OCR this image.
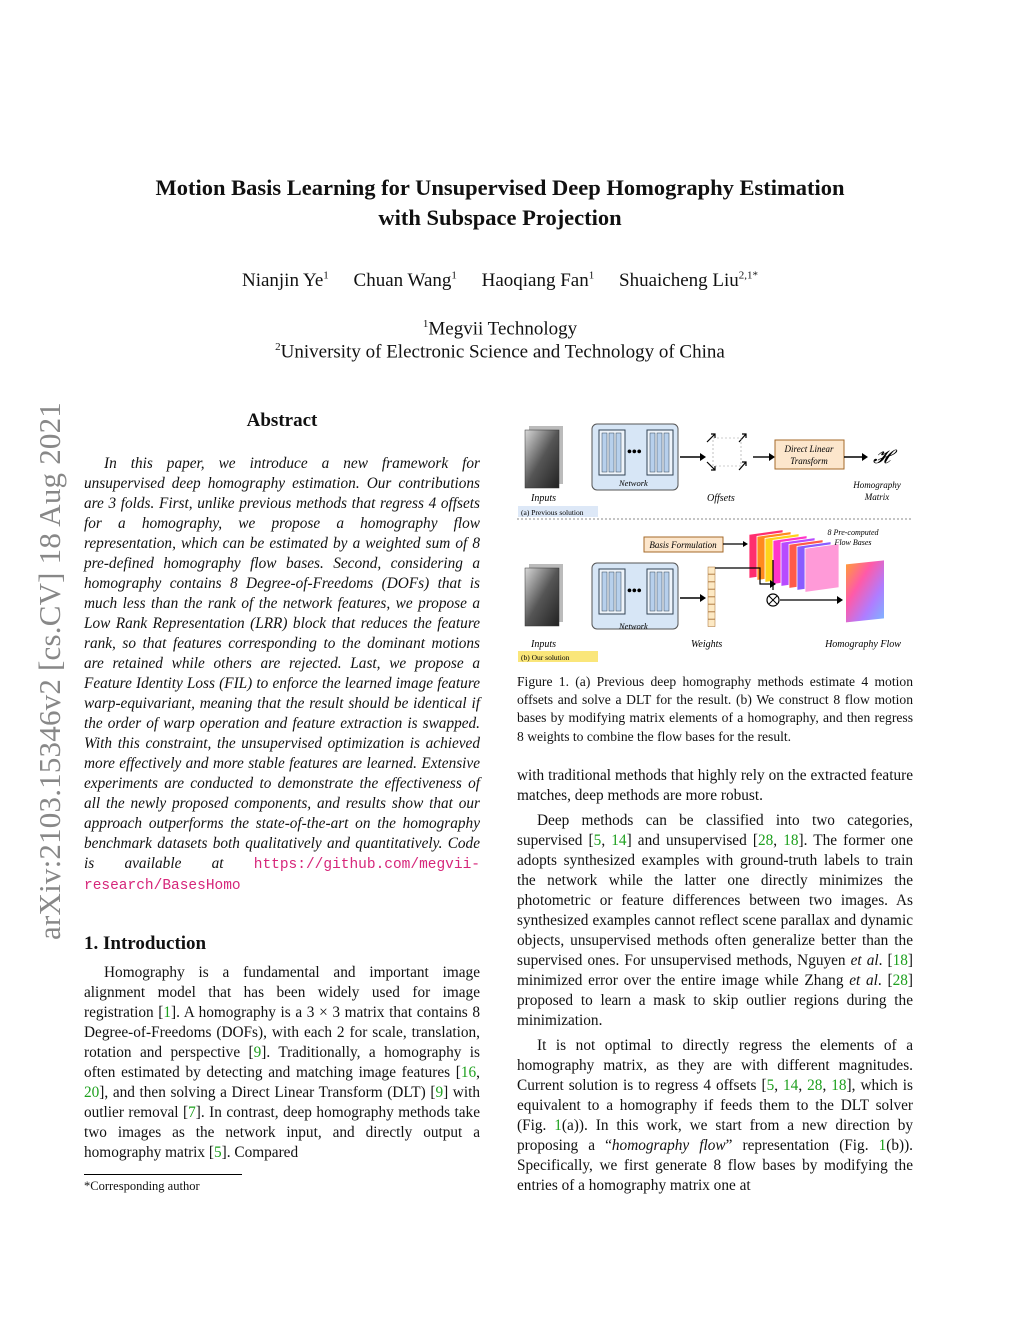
arXiv:2103.15346v2 [cs.CV] 18 Aug 2021
Motion Basis Learning for Unsupervised Deep Homography Estimation
with Subspace Projection
Nianjin Ye$^1$ Chuan Wang$^1$ Haoqiang Fan$^1$ Shuaicheng Liu$^{2,1*}$
$^1$Megvii Technology
$^2$University of Electronic Science and Technology of China
Abstract
In this paper, we introduce a new framework for unsupervised deep homography estimation. Our contributions are 3 folds. First, unlike previous methods that regress 4 offsets for a homography, we propose a homography flow representation, which can be estimated by a weighted sum of 8 pre-defined homography flow bases. Second, considering a homography contains 8 Degree-of-Freedoms (DOFs) that is much less than the rank of the network features, we propose a Low Rank Representation (LRR) block that reduces the feature rank, so that features corresponding to the dominant motions are retained while others are rejected. Last, we propose a Feature Identity Loss (FIL) to enforce the learned image feature warp-equivariant, meaning that the result should be identical if the order of warp operation and feature extraction is swapped. With this constraint, the unsupervised optimization is achieved more effectively and more stable features are learned. Extensive experiments are conducted to demonstrate the effectiveness of all the newly proposed components, and results show that our approach outperforms the state-of-the-art on the homography benchmark datasets both qualitatively and quantitatively. Code is available at https://github.com/megvii-research/BasesHomo
1. Introduction
Homography is a fundamental and important image alignment model that has been widely used for image registration [1]. A homography is a 3 × 3 matrix that contains 8 Degree-of-Freedoms (DOFs), with each 2 for scale, translation, rotation and perspective [9]. Traditionally, a homography is often estimated by detecting and matching image features [16, 20], and then solving a Direct Linear Transform (DLT) [9] with outlier removal [7]. In contrast, deep homography methods take two images as the network input, and directly output a homography matrix [5]. Compared
*Corresponding author
Inputs
(a) Previous solution
•••
Network
Offsets
Direct Linear
Transform 𝓗
Homography
Matrix
Basis Formulation
8 Pre-computed
Flow Bases
Inputs
(b) Our solution
•••
Network
Weights	Homography Flow
Figure 1. (a) Previous deep homography methods estimate 4 motion offsets and solve a DLT for the result. (b) We construct 8 flow motion bases by modifying matrix elements of a homography, and then regress 8 weights to combine the flow bases for the result.

with traditional methods that highly rely on the extracted feature matches, deep methods are more robust.

Deep methods can be classified into two categories, supervised [5, 14] and unsupervised [28, 18]. The former one adopts synthesized examples with ground-truth labels to train the network while the latter one directly minimizes the photometric or feature differences between two images. As synthesized examples cannot reflect scene parallax and dynamic objects, unsupervised methods often generalize better than the supervised ones. For unsupervised methods, Nguyen et al. [18] minimized error over the entire image while Zhang et al. [28] proposed to learn a mask to skip outlier regions during the minimization.

It is not optimal to directly regress the elements of a homography matrix, as they are with different magnitudes. Current solution is to regress 4 offsets [5, 14, 28, 18], which is equivalent to a homography if feeds them to the DLT solver (Fig. 1(a)). In this work, we start from a new direction by proposing a “homography flow” representation (Fig. 1(b)). Specifically, we first generate 8 flow bases by modifying the entries of a homography matrix one at
